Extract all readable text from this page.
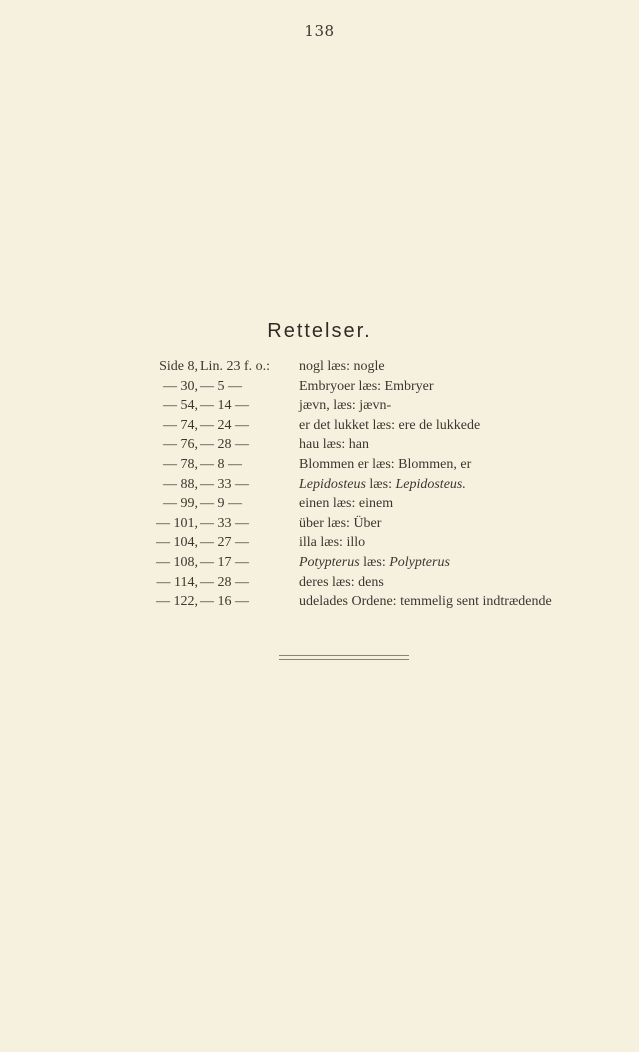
138
Rettelser.
Side 8, Lin. 23 f. o.:	nogl læs: nogle
— 30, — 5 —	Embryoer læs: Embryer
— 54, — 14 —	jævn, læs: jævn-
— 74, — 24 —	er det lukket læs: ere de lukkede
— 76, — 28 —	hau læs: han
— 78, — 8 —	Blommen er læs: Blommen, er
— 88, — 33 —	Lepidosteus læs: Lepidosteus.
— 99, — 9 —	einen læs: einem
— 101, — 33 —	über læs: Über
— 104, — 27 —	illa læs: illo
— 108, — 17 —	Potypterus læs: Polypterus
— 114, — 28 —	deres læs: dens
— 122, — 16 —	udelades Ordene: temmelig sent indtrædende
